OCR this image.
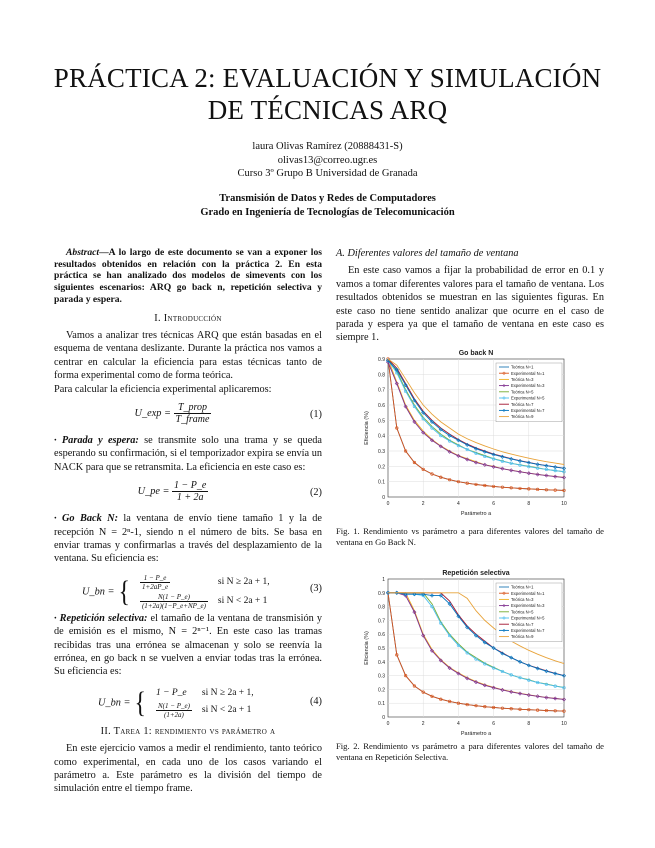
PRÁCTICA 2: EVALUACIÓN Y SIMULACIÓN DE TÉCNICAS ARQ
laura Olivas Ramírez (20888431-S)
olivas13@correo.ugr.es
Curso 3º Grupo B Universidad de Granada
Transmisión de Datos y Redes de Computadores
Grado en Ingeniería de Tecnologías de Telecomunicación

Abstract—A lo largo de este documento se van a exponer los resultados obtenidos en relación con la práctica 2. En esta práctica se han analizado dos modelos de simevents con los siguientes escenarios: ARQ go back n, repetición selectiva y parada y espera.

I. Introducción

Vamos a analizar tres técnicas ARQ que están basadas en el esquema de ventana deslizante. Durante la práctica nos vamos a centrar en calcular la eficiencia para estas técnicas tanto de forma experimental como de forma teórica.

Para calcular la eficiencia experimental aplicaremos:

U_exp = $\frac{\text{T\_prop}}{\text{T\_frame}}$	(1)

· Parada y espera: se transmite solo una trama y se queda esperando su confirmación, si el temporizador expira se envía un NACK para que se retransmita. La eficiencia en este caso es:

U_pe = $\frac{1 - P\_e}{1 + 2a}$	(2)

· Go Back N: la ventana de envío tiene tamaño 1 y la de recepción N = 2ⁿ-1, siendo n el número de bits. Se basa en enviar tramas y confirmarlas a través del desplazamiento de la ventana. Su eficiencia es:

U_bn = { $\frac{1 - P\_e}{1+2aP\_e}$	si N ≥ 2a + 1,

$\frac{N(1 - P\_e)}{(1+2a)(1-P\_e+NP\_e)}$	si N < 2a + 1
(3)

· Repetición selectiva: el tamaño de la ventana de transmisión y de emisión es el mismo, N = 2ⁿ⁻¹. En este caso las tramas recibidas tras una errónea se almacenan y solo se reenvía la errónea, en go back n se vuelven a enviar todas tras la errónea. Su eficiencia es:

U_bn = { 1 − P_e	si N ≥ 2a + 1,

$\frac{N(1 - P\_e)}{(1+2a)}$	si N < 2a + 1
(4)
II. Tarea 1: rendimiento vs parámetro a

En este ejercicio vamos a medir el rendimiento, tanto teórico como experimental, en cada uno de los casos variando el parámetro a. Este parámetro es la división del tiempo de simulación entre el tiempo frame.

A. Diferentes valores del tamaño de ventana

En este caso vamos a fijar la probabilidad de error en 0.1 y vamos a tomar diferentes valores para el tamaño de ventana. Los resultados obtenidos se muestran en las siguientes figuras. En este caso no tiene sentido analizar que ocurre en el caso de parada y espera ya que el tamaño de ventana en este caso es siempre 1.

Go back N
0
0.1
0.2
0.3
0.4
0.5
0.6
0.7
0.8
0.9
0	2	4	6	8	10
Parámetro a
Eficiencia (%)
Teórica N=1
Experimental N=1
Teórica N=3
Experimental N=3
Teórica N=5
Experimental N=5
Teórica N=7
Experimental N=7
Teórica N=9
Fig. 1. Rendimiento vs parámetro a para diferentes valores del tamaño de ventana en Go Back N.
Repetición selectiva
0
0.1
0.2
0.3
0.4
0.5
0.6
0.7
0.8
0.9
1
0	2	4	6	8	10
Parámetro a
Eficiencia (%)
Teórica N=1
Experimental N=1
Teórica N=3
Experimental N=3
Teórica N=5
Experimental N=5
Teórica N=7
Experimental N=7
Teórica N=9
Fig. 2. Rendimiento vs parámetro a para diferentes valores del tamaño de ventana en Repetición Selectiva.
